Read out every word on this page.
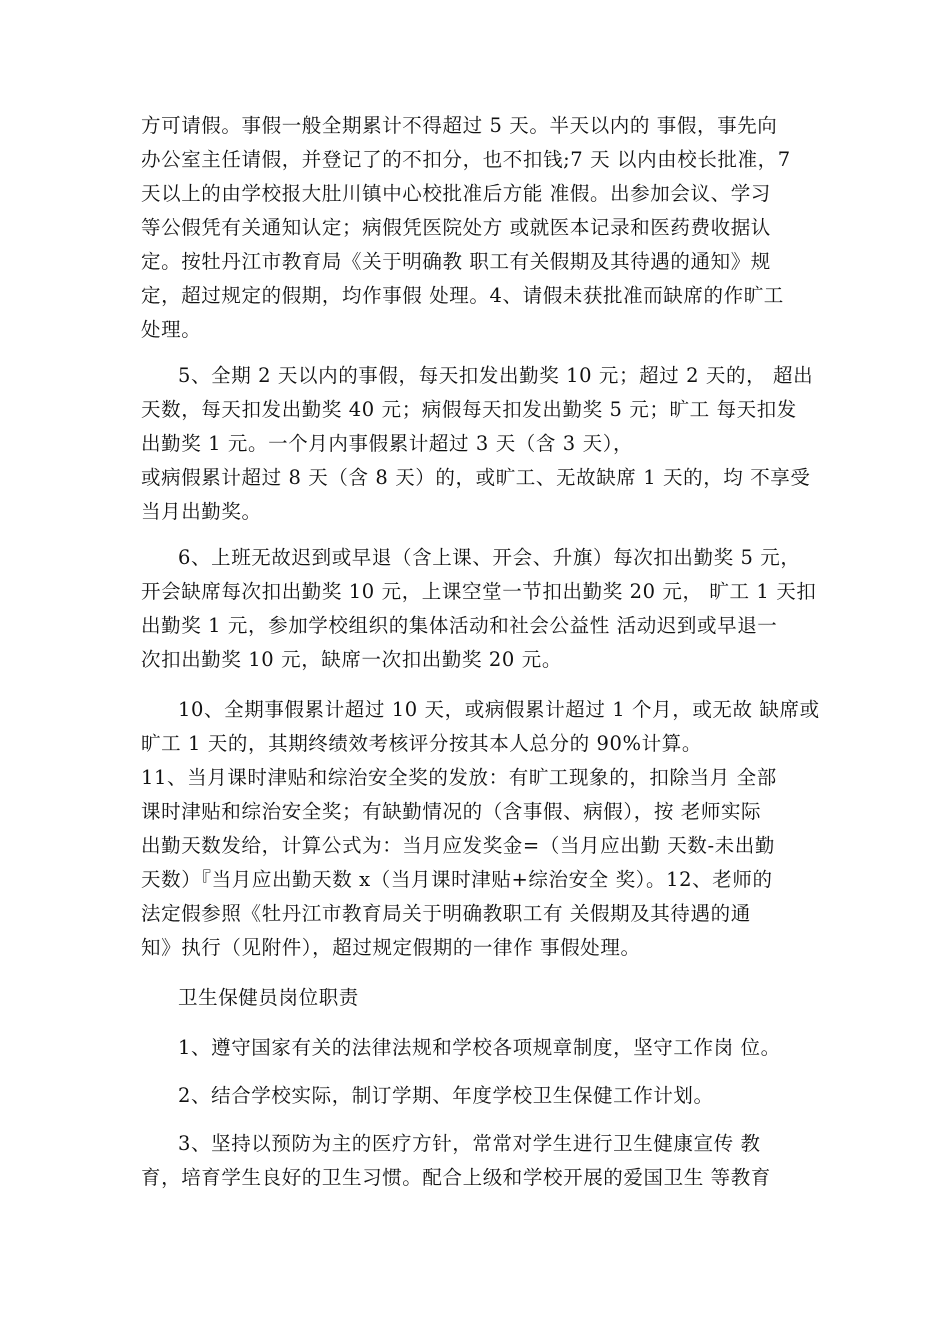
方可请假。事假一般全期累计不得超过 5 天。半天以内的 事假，事先向
办公室主任请假，并登记了的不扣分，也不扣钱;7 天 以内由校长批准，7
天以上的由学校报大肚川镇中心校批准后方能 准假。出参加会议、学习
等公假凭有关通知认定；病假凭医院处方 或就医本记录和医药费收据认
定。按牡丹江市教育局《关于明确教 职工有关假期及其待遇的通知》规
定，超过规定的假期，均作事假 处理。4、请假未获批准而缺席的作旷工
处理。
5、全期 2 天以内的事假，每天扣发出勤奖 10 元；超过 2 天的， 超出
天数，每天扣发出勤奖 40 元；病假每天扣发出勤奖 5 元；旷工 每天扣发
出勤奖 1 元。一个月内事假累计超过 3 天（含 3 天），
或病假累计超过 8 天（含 8 天）的，或旷工、无故缺席 1 天的，均 不享受
当月出勤奖。
6、上班无故迟到或早退（含上课、开会、升旗）每次扣出勤奖 5 元，
开会缺席每次扣出勤奖 10 元，上课空堂一节扣出勤奖 20 元， 旷工 1 天扣
出勤奖 1 元，参加学校组织的集体活动和社会公益性 活动迟到或早退一
次扣出勤奖 10 元，缺席一次扣出勤奖 20 元。
10、全期事假累计超过 10 天，或病假累计超过 1 个月，或无故 缺席或
旷工 1 天的，其期终绩效考核评分按其本人总分的 90%计算。
11、当月课时津贴和综治安全奖的发放：有旷工现象的，扣除当月 全部
课时津贴和综治安全奖；有缺勤情况的（含事假、病假），按 老师实际
出勤天数发给，计算公式为：当月应发奖金=（当月应出勤 天数-未出勤
天数）『当月应出勤天数 x（当月课时津贴+综治安全 奖）。12、老师的
法定假参照《牡丹江市教育局关于明确教职工有 关假期及其待遇的通
知》执行（见附件），超过规定假期的一律作 事假处理。
卫生保健员岗位职责
1、遵守国家有关的法律法规和学校各项规章制度，坚守工作岗 位。
2、结合学校实际，制订学期、年度学校卫生保健工作计划。
3、坚持以预防为主的医疗方针，常常对学生进行卫生健康宣传 教
育，培育学生良好的卫生习惯。配合上级和学校开展的爱国卫生 等教育
